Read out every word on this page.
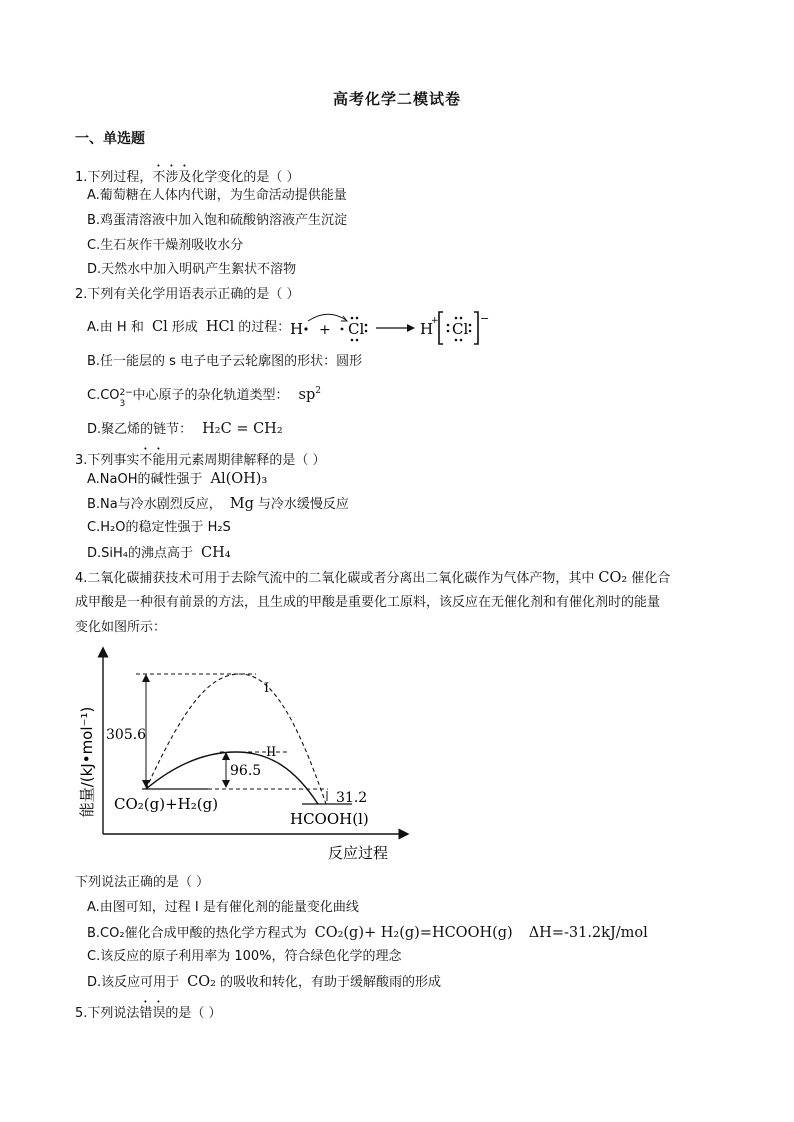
高考化学二模试卷
一、单选题
1.下列过程，不涉及化学变化的是（ ）
A.葡萄糖在人体内代谢，为生命活动提供能量
B.鸡蛋清溶液中加入饱和硫酸钠溶液产生沉淀
C.生石灰作干燥剂吸收水分
D.天然水中加入明矾产生絮状不溶物
2.下列有关化学用语表示正确的是（ ）
A.由 H 和 Cl 形成 HCl 的过程： H + Cl	H
+ Cl
−
B.任一能层的 s 电子电子云轮廓图的形状：圆形
C.CO 2−
3
中心原子的杂化轨道类型： $sp^2$
D.聚乙烯的链节： H₂C = CH₂
3.下列事实不能用元素周期律解释的是（ ）
A.NaOH的碱性强于 Al(OH)₃
B.Na与冷水剧烈反应， Mg 与冷水缓慢反应
C.H₂O的稳定性强于 H₂S
D.SiH₄的沸点高于 CH₄
4.二氧化碳捕获技术可用于去除气流中的二氧化碳或者分离出二氧化碳作为气体产物，其中 CO₂ 催化合
成甲酸是一种很有前景的方法，且生成的甲酸是重要化工原料，该反应在无催化剂和有催化剂时的能量
变化如图所示：
能量/(kJ•mol⁻¹)
反应过程
I
II
305.6
96.5
31.2
CO₂(g)+H₂(g)
HCOOH(l)
下列说法正确的是（ ）
A.由图可知，过程 I 是有催化剂的能量变化曲线
B.CO₂催化合成甲酸的热化学方程式为 CO₂(g)+ H₂(g)=HCOOH(g) ΔH=-31.2kJ/mol
C.该反应的原子利用率为 100%，符合绿色化学的理念
D.该反应可用于 CO₂ 的吸收和转化，有助于缓解酸雨的形成
5.下列说法错误的是（ ）
